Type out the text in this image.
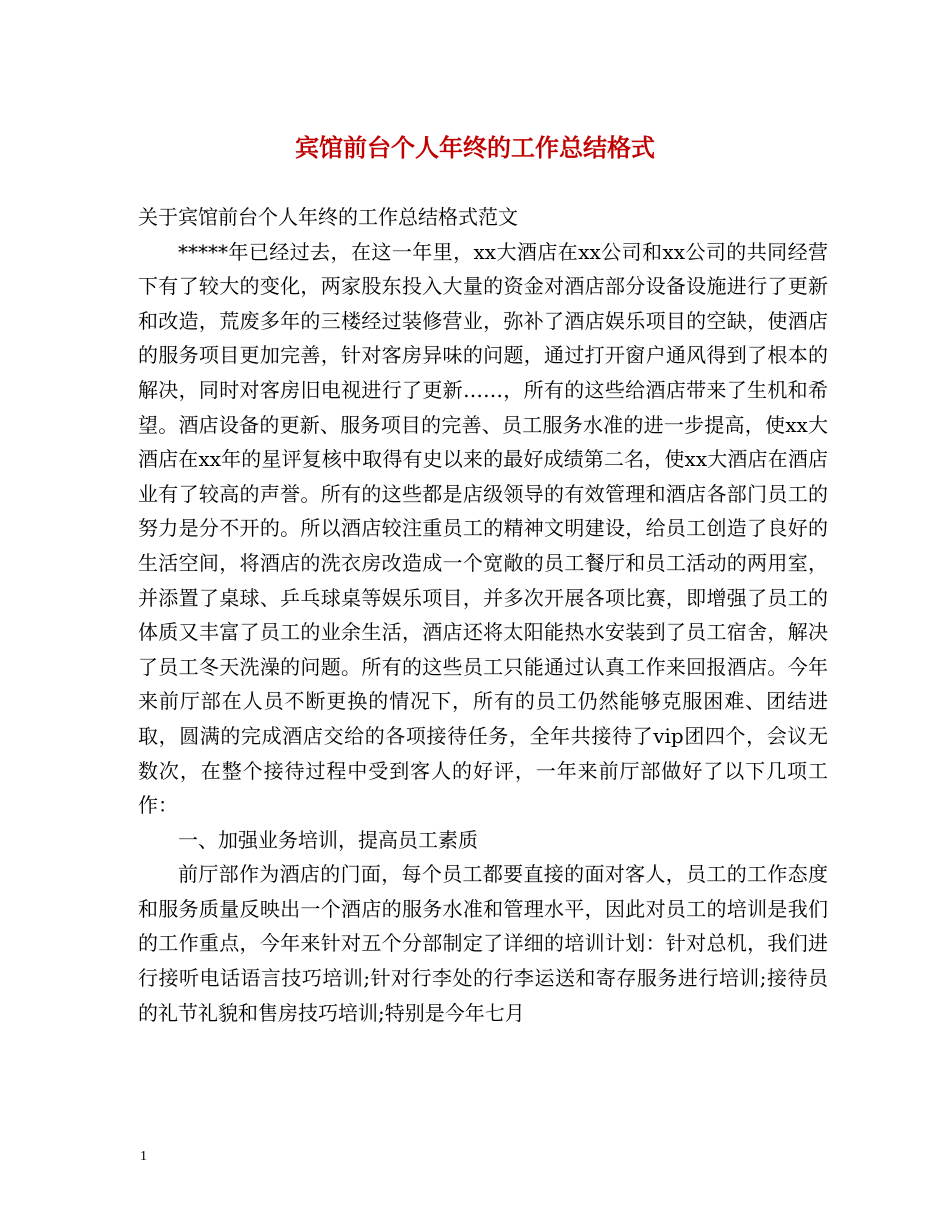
宾馆前台个人年终的工作总结格式

关于宾馆前台个人年终的工作总结格式范文

*****年已经过去，在这一年里，xx大酒店在xx公司和xx公司的共同经营下有了较大的变化，两家股东投入大量的资金对酒店部分设备设施进行了更新和改造，荒废多年的三楼经过装修营业，弥补了酒店娱乐项目的空缺，使酒店的服务项目更加完善，针对客房异味的问题，通过打开窗户通风得到了根本的解决，同时对客房旧电视进行了更新……，所有的这些给酒店带来了生机和希望。酒店设备的更新、服务项目的完善、员工服务水准的进一步提高，使xx大酒店在xx年的星评复核中取得有史以来的最好成绩第二名，使xx大酒店在酒店业有了较高的声誉。所有的这些都是店级领导的有效管理和酒店各部门员工的努力是分不开的。所以酒店较注重员工的精神文明建设，给员工创造了良好的生活空间，将酒店的洗衣房改造成一个宽敞的员工餐厅和员工活动的两用室，并添置了桌球、乒乓球桌等娱乐项目，并多次开展各项比赛，即增强了员工的体质又丰富了员工的业余生活，酒店还将太阳能热水安装到了员工宿舍，解决了员工冬天洗澡的问题。所有的这些员工只能通过认真工作来回报酒店。今年来前厅部在人员不断更换的情况下，所有的员工仍然能够克服困难、团结进取，圆满的完成酒店交给的各项接待任务，全年共接待了vip团四个，会议无数次，在整个接待过程中受到客人的好评，一年来前厅部做好了以下几项工作：

一、加强业务培训，提高员工素质

前厅部作为酒店的门面，每个员工都要直接的面对客人，员工的工作态度和服务质量反映出一个酒店的服务水准和管理水平，因此对员工的培训是我们的工作重点，今年来针对五个分部制定了详细的培训计划：针对总机，我们进行接听电话语言技巧培训;针对行李处的行李运送和寄存服务进行培训;接待员的礼节礼貌和售房技巧培训;特别是今年七月

1
